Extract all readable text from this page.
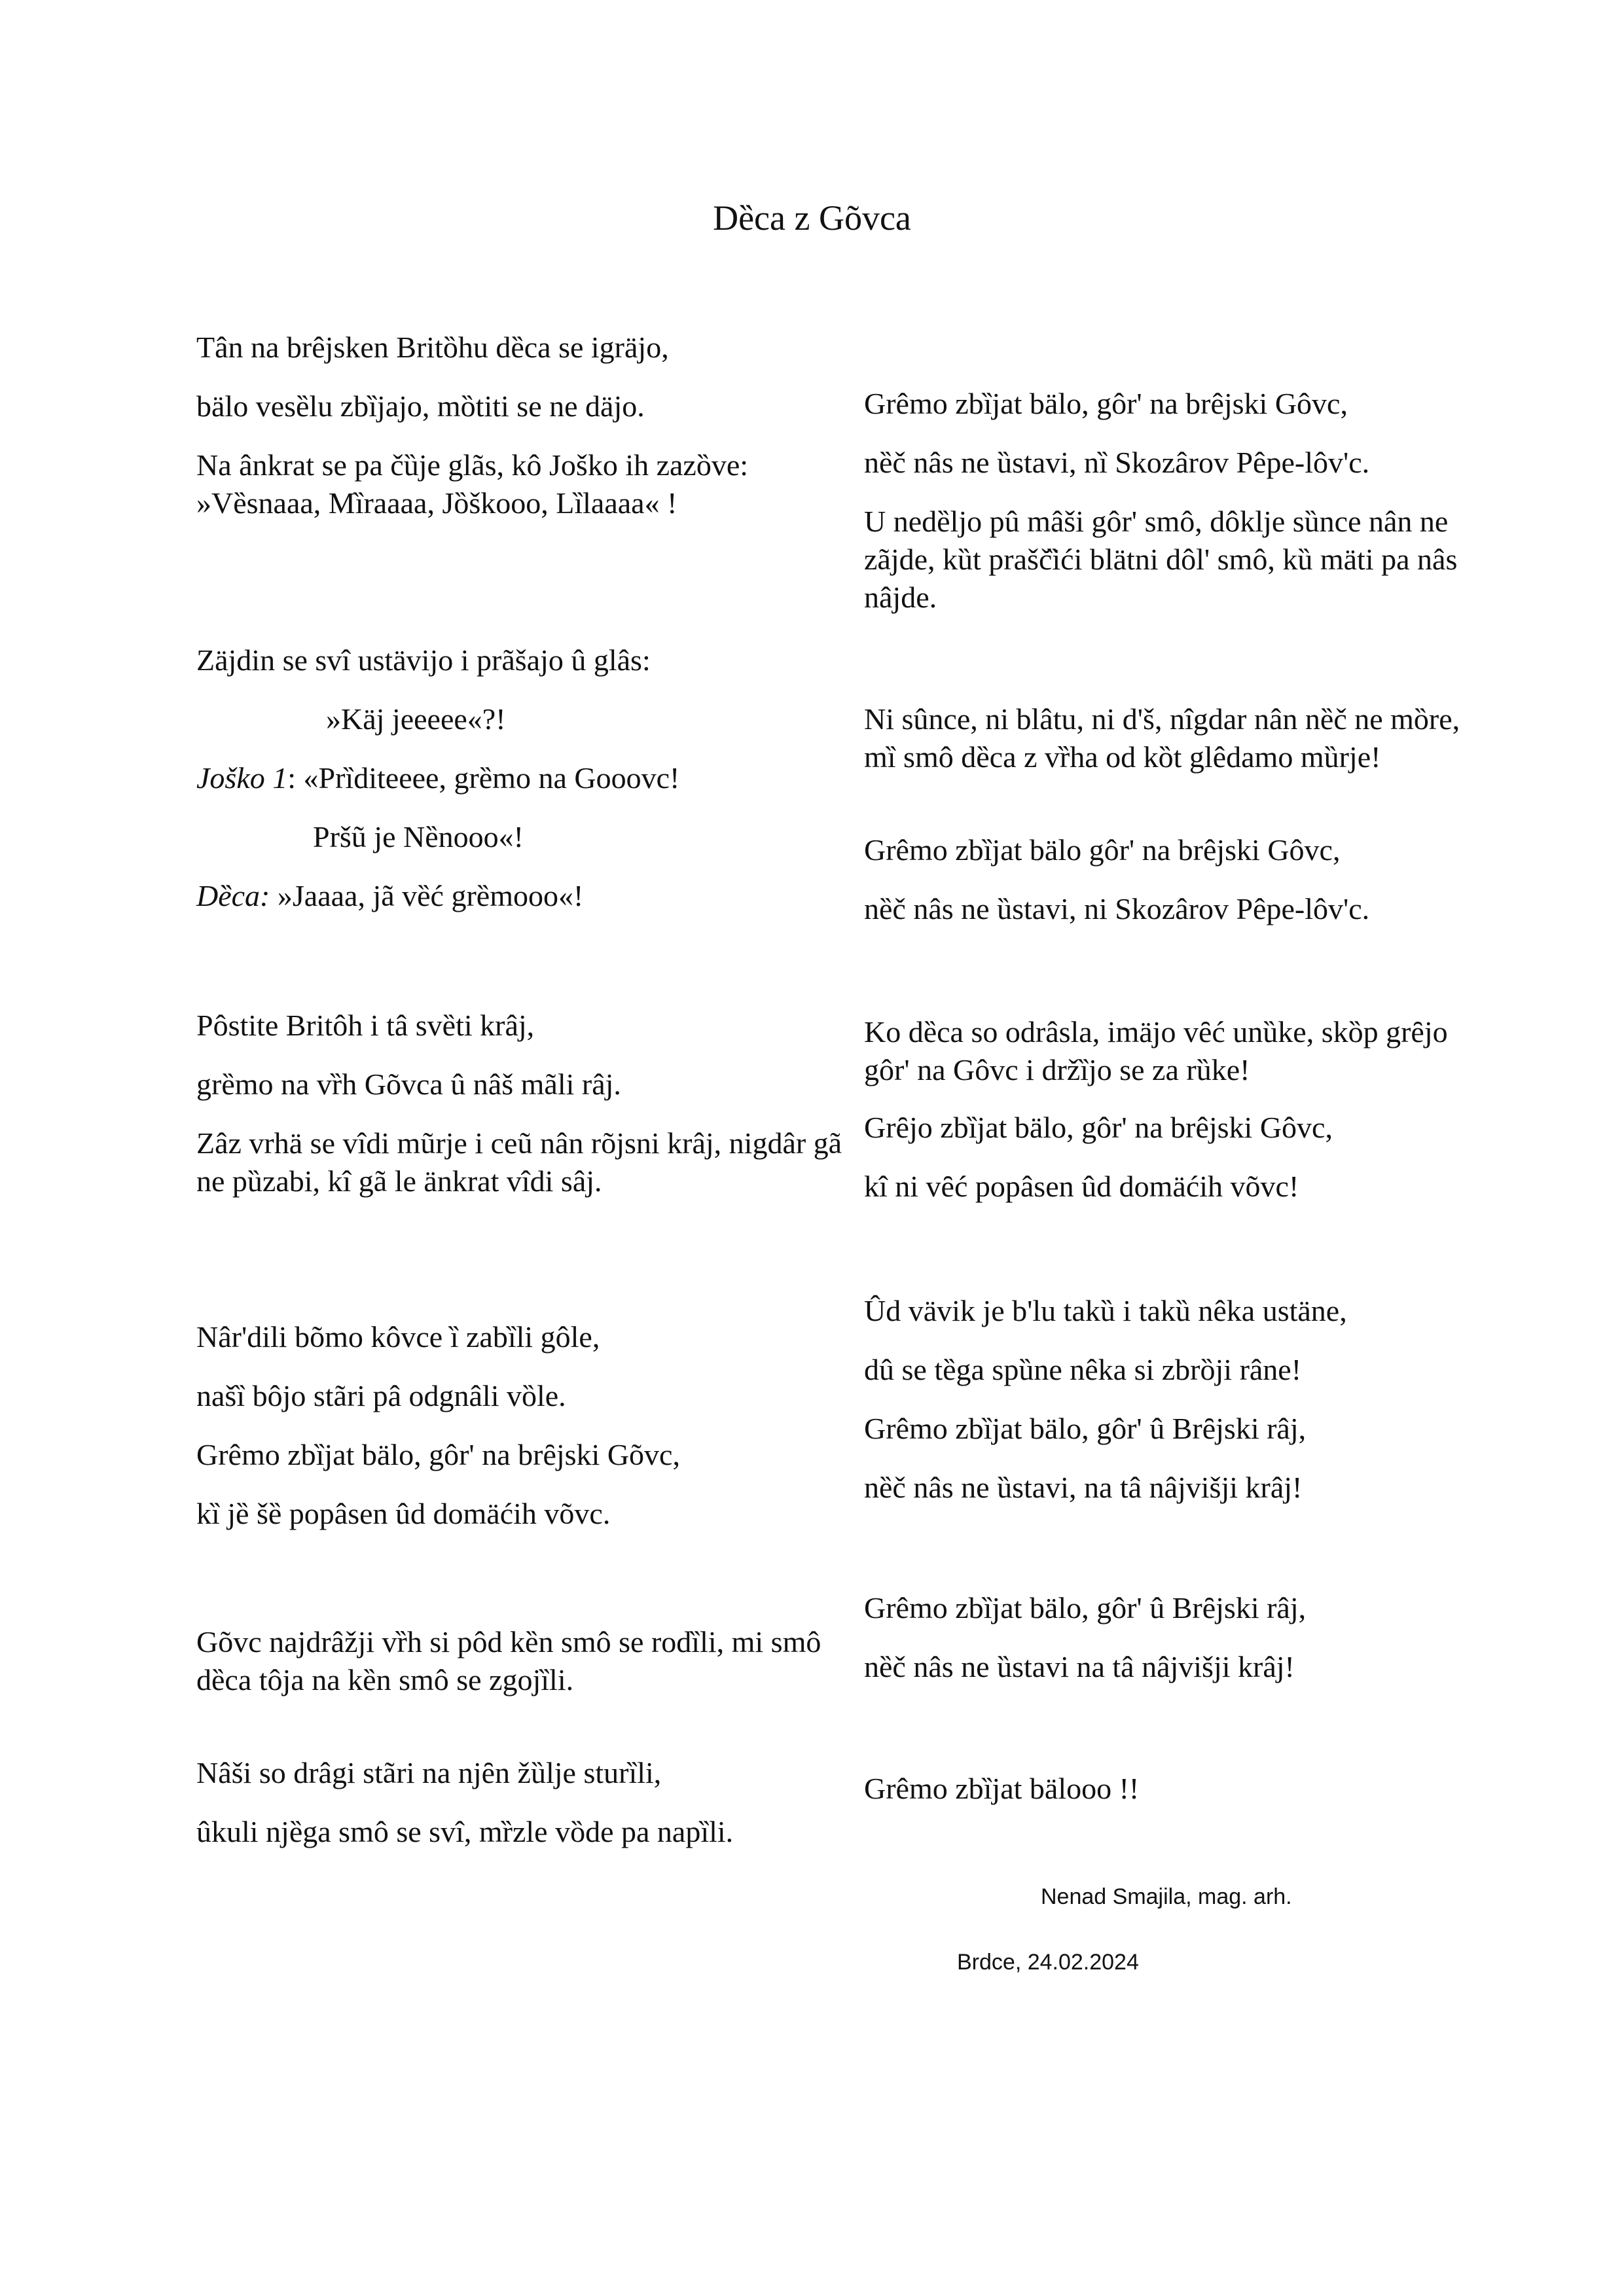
Dȅca z Gõvca

Tân na brêjsken Britȍhu dȅca se igrӓjo,

bӓlo vesȅlu zbȉjajo, mȍtiti se ne dӓjo.

Na ânkrat se pa čȕje glãs, kô Joško ih zazȍve: »Vȅsnaaa, Mȉraaaa, Jȍškooo, Lȉlaaaa« !

Zӓjdin se svî ustӓvijo i prãšajo û glâs:

»Kӓj jeeeee«?!

Joško 1: «Prȉditeeee, grȅmo na Gooovc!

Pršũ je Nȅnooo«!

Dȅca: »Jaaaa, jã vȅć grȅmooo«!

Pôstite Britôh i tâ svȅti krâj,

grȅmo na vȑh Gõvca û nâš mãli râj.

Zâz vrhӓ se vîdi mũrje i ceũ nân rõjsni krâj, nigdâr gã ne pȕzabi, kî gã le ӓnkrat vîdi sâj.

Nâr'dili bõmo kôvce ȉ zabȉli gôle,

našȉ bôjo stãri pâ odgnâli vȍle.

Grêmo zbȉjat bӓlo, gôr' na brȇjski Gõvc,

kȉ jȅ šȅ popâsen ûd domӓćih võvc.

Gõvc najdrâžji vȑh si pôd kȅn smô se rodȉli, mi smô dȅca tôja na kȅn smô se zgojȉli.

Nâši so drâgi stãri na njȇn žȕlje sturȉli,

ûkuli njȅga smô se svî, mȑzle vȍde pa napȉli.

Grêmo zbȉjat bӓlo, gôr' na brêjski Gôvc,

nȅč nâs ne ȕstavi, nȉ Skozârov Pêpe-lôv'c.

U nedȅljo pû mâši gôr' smô, dôklje sȕnce nân ne zãjde, kȕt prašč̏ići blӓtni dôl' smô, kȕ mӓti pa nâs nâjde.

Ni sûnce, ni blâtu, ni d'š, nîgdar nân nȅč ne mȍre, mȉ smô dȅca z vȑha od kȍt glêdamo mȕrje!

Grêmo zbȉjat bӓlo gôr' na brêjski Gôvc,

nȅč nâs ne ȕstavi, ni Skozârov Pêpe-lôv'c.

Ko dȅca so odrâsla, imӓjo vȇć unȕke, skȍp grȇjo gôr' na Gôvc i držȉjo se za rȕke!

Grȇjo zbȉjat bӓlo, gôr' na brêjski Gôvc,

kî ni vȇć popâsen ûd domӓćih võvc!

Ûd vӓvik je b'lu takȕ i takȕ nêka ustӓne,

dû se tȅga spȕne nêka si zbrȍji râne!

Grêmo zbȉjat bӓlo, gôr' û Brȇjski râj,

nȅč nâs ne ȕstavi, na tâ nâjvišji krâj!

Grêmo zbȉjat bӓlo, gôr' û Brȇjski râj,

nȅč nâs ne ȕstavi na tâ nâjvišji krâj!

Grêmo zbȉjat bӓlooo !!

Nenad Smajila, mag. arh.

Brdce, 24.02.2024
